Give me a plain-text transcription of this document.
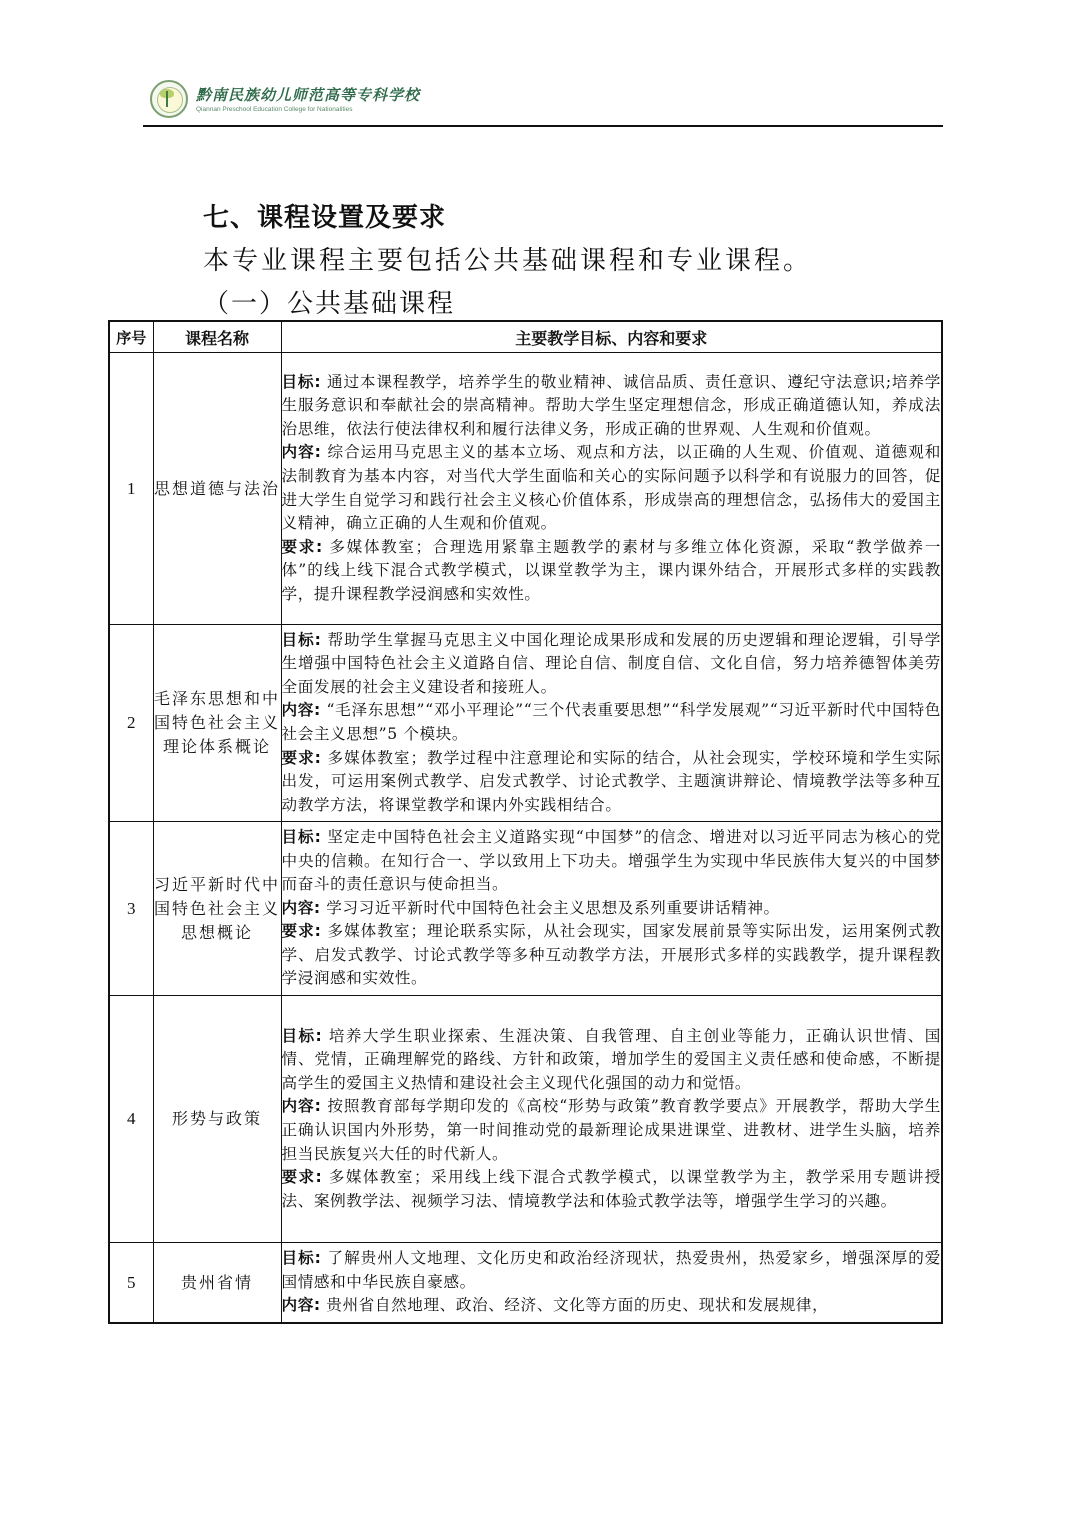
黔南民族幼儿师范高等专科学校
Qiannan Preschool Education College for Nationalities
七、课程设置及要求
本专业课程主要包括公共基础课程和专业课程。
（一）公共基础课程
序号	课程名称	主要教学目标、内容和要求
1	思想道德与法治	目标: 通过本课程教学，培养学生的敬业精神、诚信品质、责任意识、遵纪守法意识;培养学生服务意识和奉献社会的崇高精神。帮助大学生坚定理想信念，形成正确道德认知，养成法治思维，依法行使法律权利和履行法律义务，形成正确的世界观、人生观和价值观。
内容: 综合运用马克思主义的基本立场、观点和方法，以正确的人生观、价值观、道德观和法制教育为基本内容，对当代大学生面临和关心的实际问题予以科学和有说服力的回答，促进大学生自觉学习和践行社会主义核心价值体系，形成崇高的理想信念，弘扬伟大的爱国主义精神，确立正确的人生观和价值观。
要求: 多媒体教室；合理选用紧靠主题教学的素材与多维立体化资源，采取“教学做养一体”的线上线下混合式教学模式，以课堂教学为主，课内课外结合，开展形式多样的实践教学，提升课程教学浸润感和实效性。

2	毛泽东思想和中国特色社会主义理论体系概论	目标: 帮助学生掌握马克思主义中国化理论成果形成和发展的历史逻辑和理论逻辑，引导学生增强中国特色社会主义道路自信、理论自信、制度自信、文化自信，努力培养德智体美劳全面发展的社会主义建设者和接班人。
内容: “毛泽东思想”“邓小平理论”“三个代表重要思想”“科学发展观”“习近平新时代中国特色社会主义思想”5 个模块。
要求: 多媒体教室；教学过程中注意理论和实际的结合，从社会现实，学校环境和学生实际出发，可运用案例式教学、启发式教学、讨论式教学、主题演讲辩论、情境教学法等多种互动教学方法，将课堂教学和课内外实践相结合。

3	习近平新时代中国特色社会主义思想概论	目标: 坚定走中国特色社会主义道路实现“中国梦”的信念、增进对以习近平同志为核心的党中央的信赖。在知行合一、学以致用上下功夫。增强学生为实现中华民族伟大复兴的中国梦而奋斗的责任意识与使命担当。
内容: 学习习近平新时代中国特色社会主义思想及系列重要讲话精神。
要求: 多媒体教室；理论联系实际，从社会现实，国家发展前景等实际出发，运用案例式教学、启发式教学、讨论式教学等多种互动教学方法，开展形式多样的实践教学，提升课程教学浸润感和实效性。

4	形势与政策	目标: 培养大学生职业探索、生涯决策、自我管理、自主创业等能力，正确认识世情、国情、党情，正确理解党的路线、方针和政策，增加学生的爱国主义责任感和使命感，不断提高学生的爱国主义热情和建设社会主义现代化强国的动力和觉悟。
内容: 按照教育部每学期印发的《高校“形势与政策”教育教学要点》开展教学，帮助大学生正确认识国内外形势，第一时间推动党的最新理论成果进课堂、进教材、进学生头脑，培养担当民族复兴大任的时代新人。
要求: 多媒体教室；采用线上线下混合式教学模式，以课堂教学为主，教学采用专题讲授法、案例教学法、视频学习法、情境教学法和体验式教学法等，增强学生学习的兴趣。

5	贵州省情	目标: 了解贵州人文地理、文化历史和政治经济现状，热爱贵州，热爱家乡，增强深厚的爱国情感和中华民族自豪感。
内容: 贵州省自然地理、政治、经济、文化等方面的历史、现状和发展规律，
